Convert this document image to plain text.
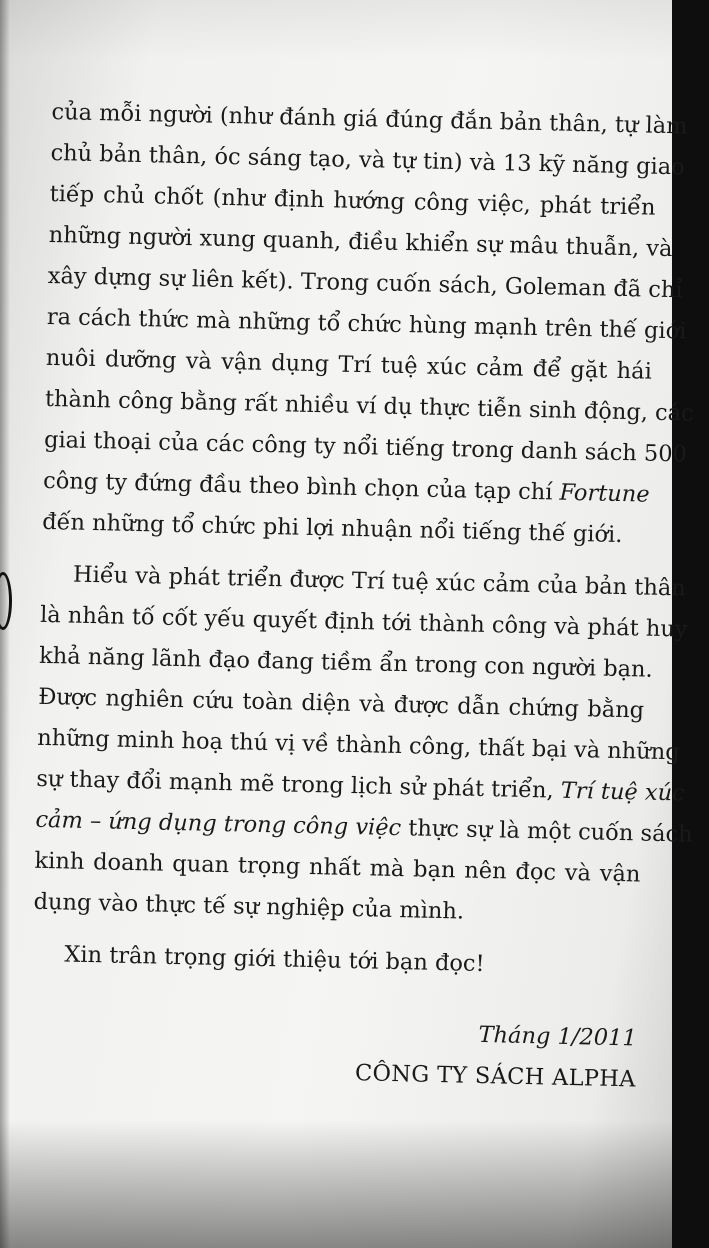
của mỗi người (như đánh giá đúng đắn bản thân, tự làm
chủ bản thân, óc sáng tạo, và tự tin) và 13 kỹ năng giao
tiếp chủ chốt (như định hướng công việc, phát triển
những người xung quanh, điều khiển sự mâu thuẫn, và
xây dựng sự liên kết). Trong cuốn sách, Goleman đã chỉ
ra cách thức mà những tổ chức hùng mạnh trên thế giới
nuôi dưỡng và vận dụng Trí tuệ xúc cảm để gặt hái
thành công bằng rất nhiều ví dụ thực tiễn sinh động, các
giai thoại của các công ty nổi tiếng trong danh sách 500
công ty đứng đầu theo bình chọn của tạp chí Fortune
đến những tổ chức phi lợi nhuận nổi tiếng thế giới.
Hiểu và phát triển được Trí tuệ xúc cảm của bản thân
là nhân tố cốt yếu quyết định tới thành công và phát huy
khả năng lãnh đạo đang tiềm ẩn trong con người bạn.
Được nghiên cứu toàn diện và được dẫn chứng bằng
những minh hoạ thú vị về thành công, thất bại và những
sự thay đổi mạnh mẽ trong lịch sử phát triển, Trí tuệ xúc
cảm – ứng dụng trong công việc thực sự là một cuốn sách
kinh doanh quan trọng nhất mà bạn nên đọc và vận
dụng vào thực tế sự nghiệp của mình.
Xin trân trọng giới thiệu tới bạn đọc!
Tháng 1/2011
CÔNG TY SÁCH ALPHA
